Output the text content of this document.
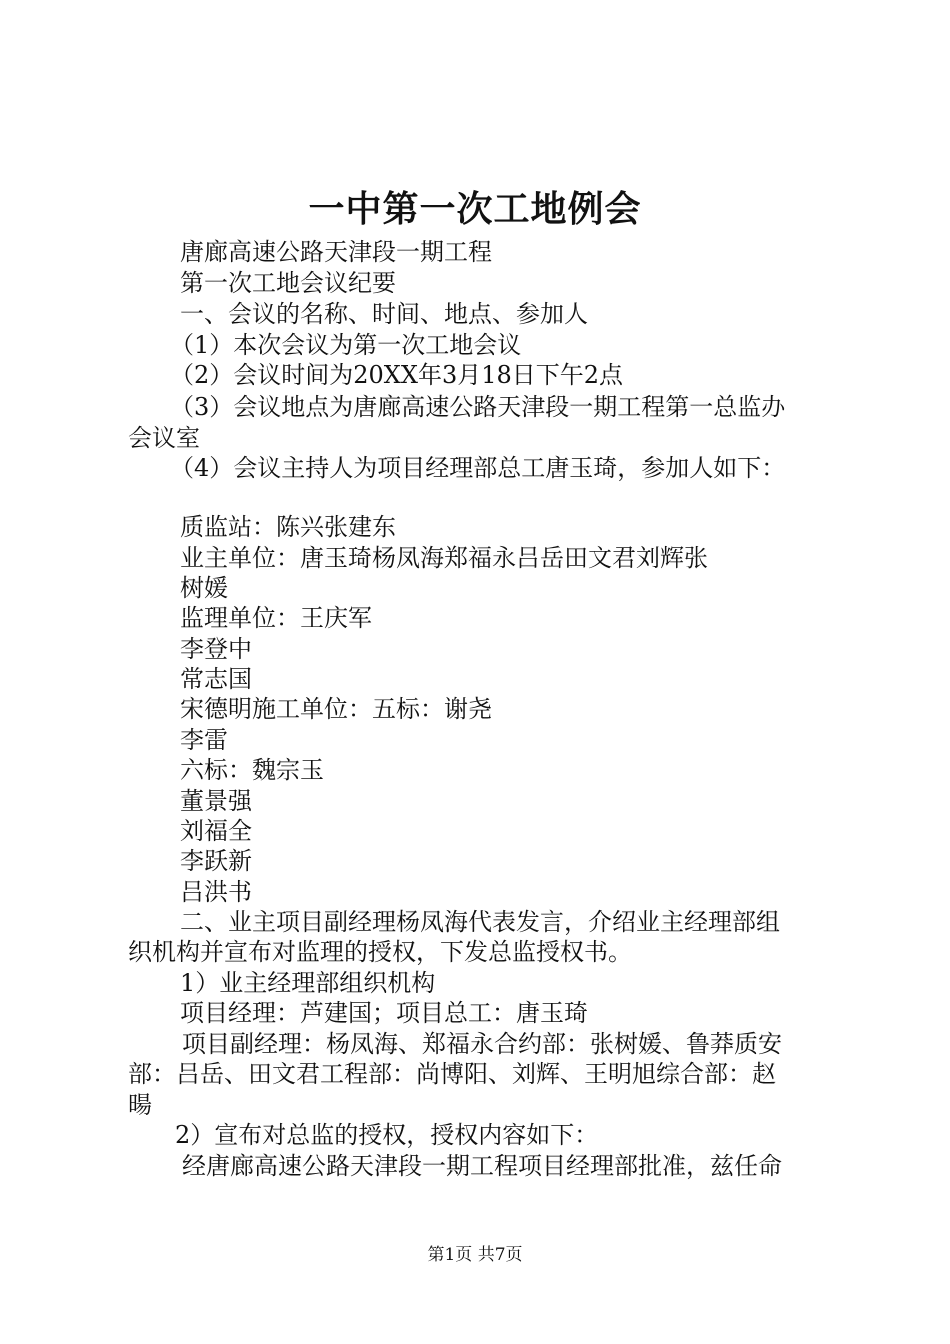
一中第一次工地例会
唐廊高速公路天津段一期工程
第一次工地会议纪要
一、会议的名称、时间、地点、参加人
（1）本次会议为第一次工地会议
（2）会议时间为20XX年3月18日下午2点
（3）会议地点为唐廊高速公路天津段一期工程第一总监办
会议室
（4）会议主持人为项目经理部总工唐玉琦，参加人如下：
质监站：陈兴张建东
业主单位：唐玉琦杨凤海郑福永吕岳田文君刘辉张
树媛
监理单位：王庆军
李登中
常志国
宋德明施工单位：五标：谢尧
李雷
六标：魏宗玉
董景强
刘福全
李跃新
吕洪书
二、业主项目副经理杨凤海代表发言，介绍业主经理部组
织机构并宣布对监理的授权，下发总监授权书。
1）业主经理部组织机构
项目经理：芦建国；项目总工：唐玉琦
项目副经理：杨凤海、郑福永合约部：张树媛、鲁莽质安
部：吕岳、田文君工程部：尚博阳、刘辉、王明旭综合部：赵
暘
2）宣布对总监的授权，授权内容如下：
经唐廊高速公路天津段一期工程项目经理部批准，兹任命
第1页 共7页
